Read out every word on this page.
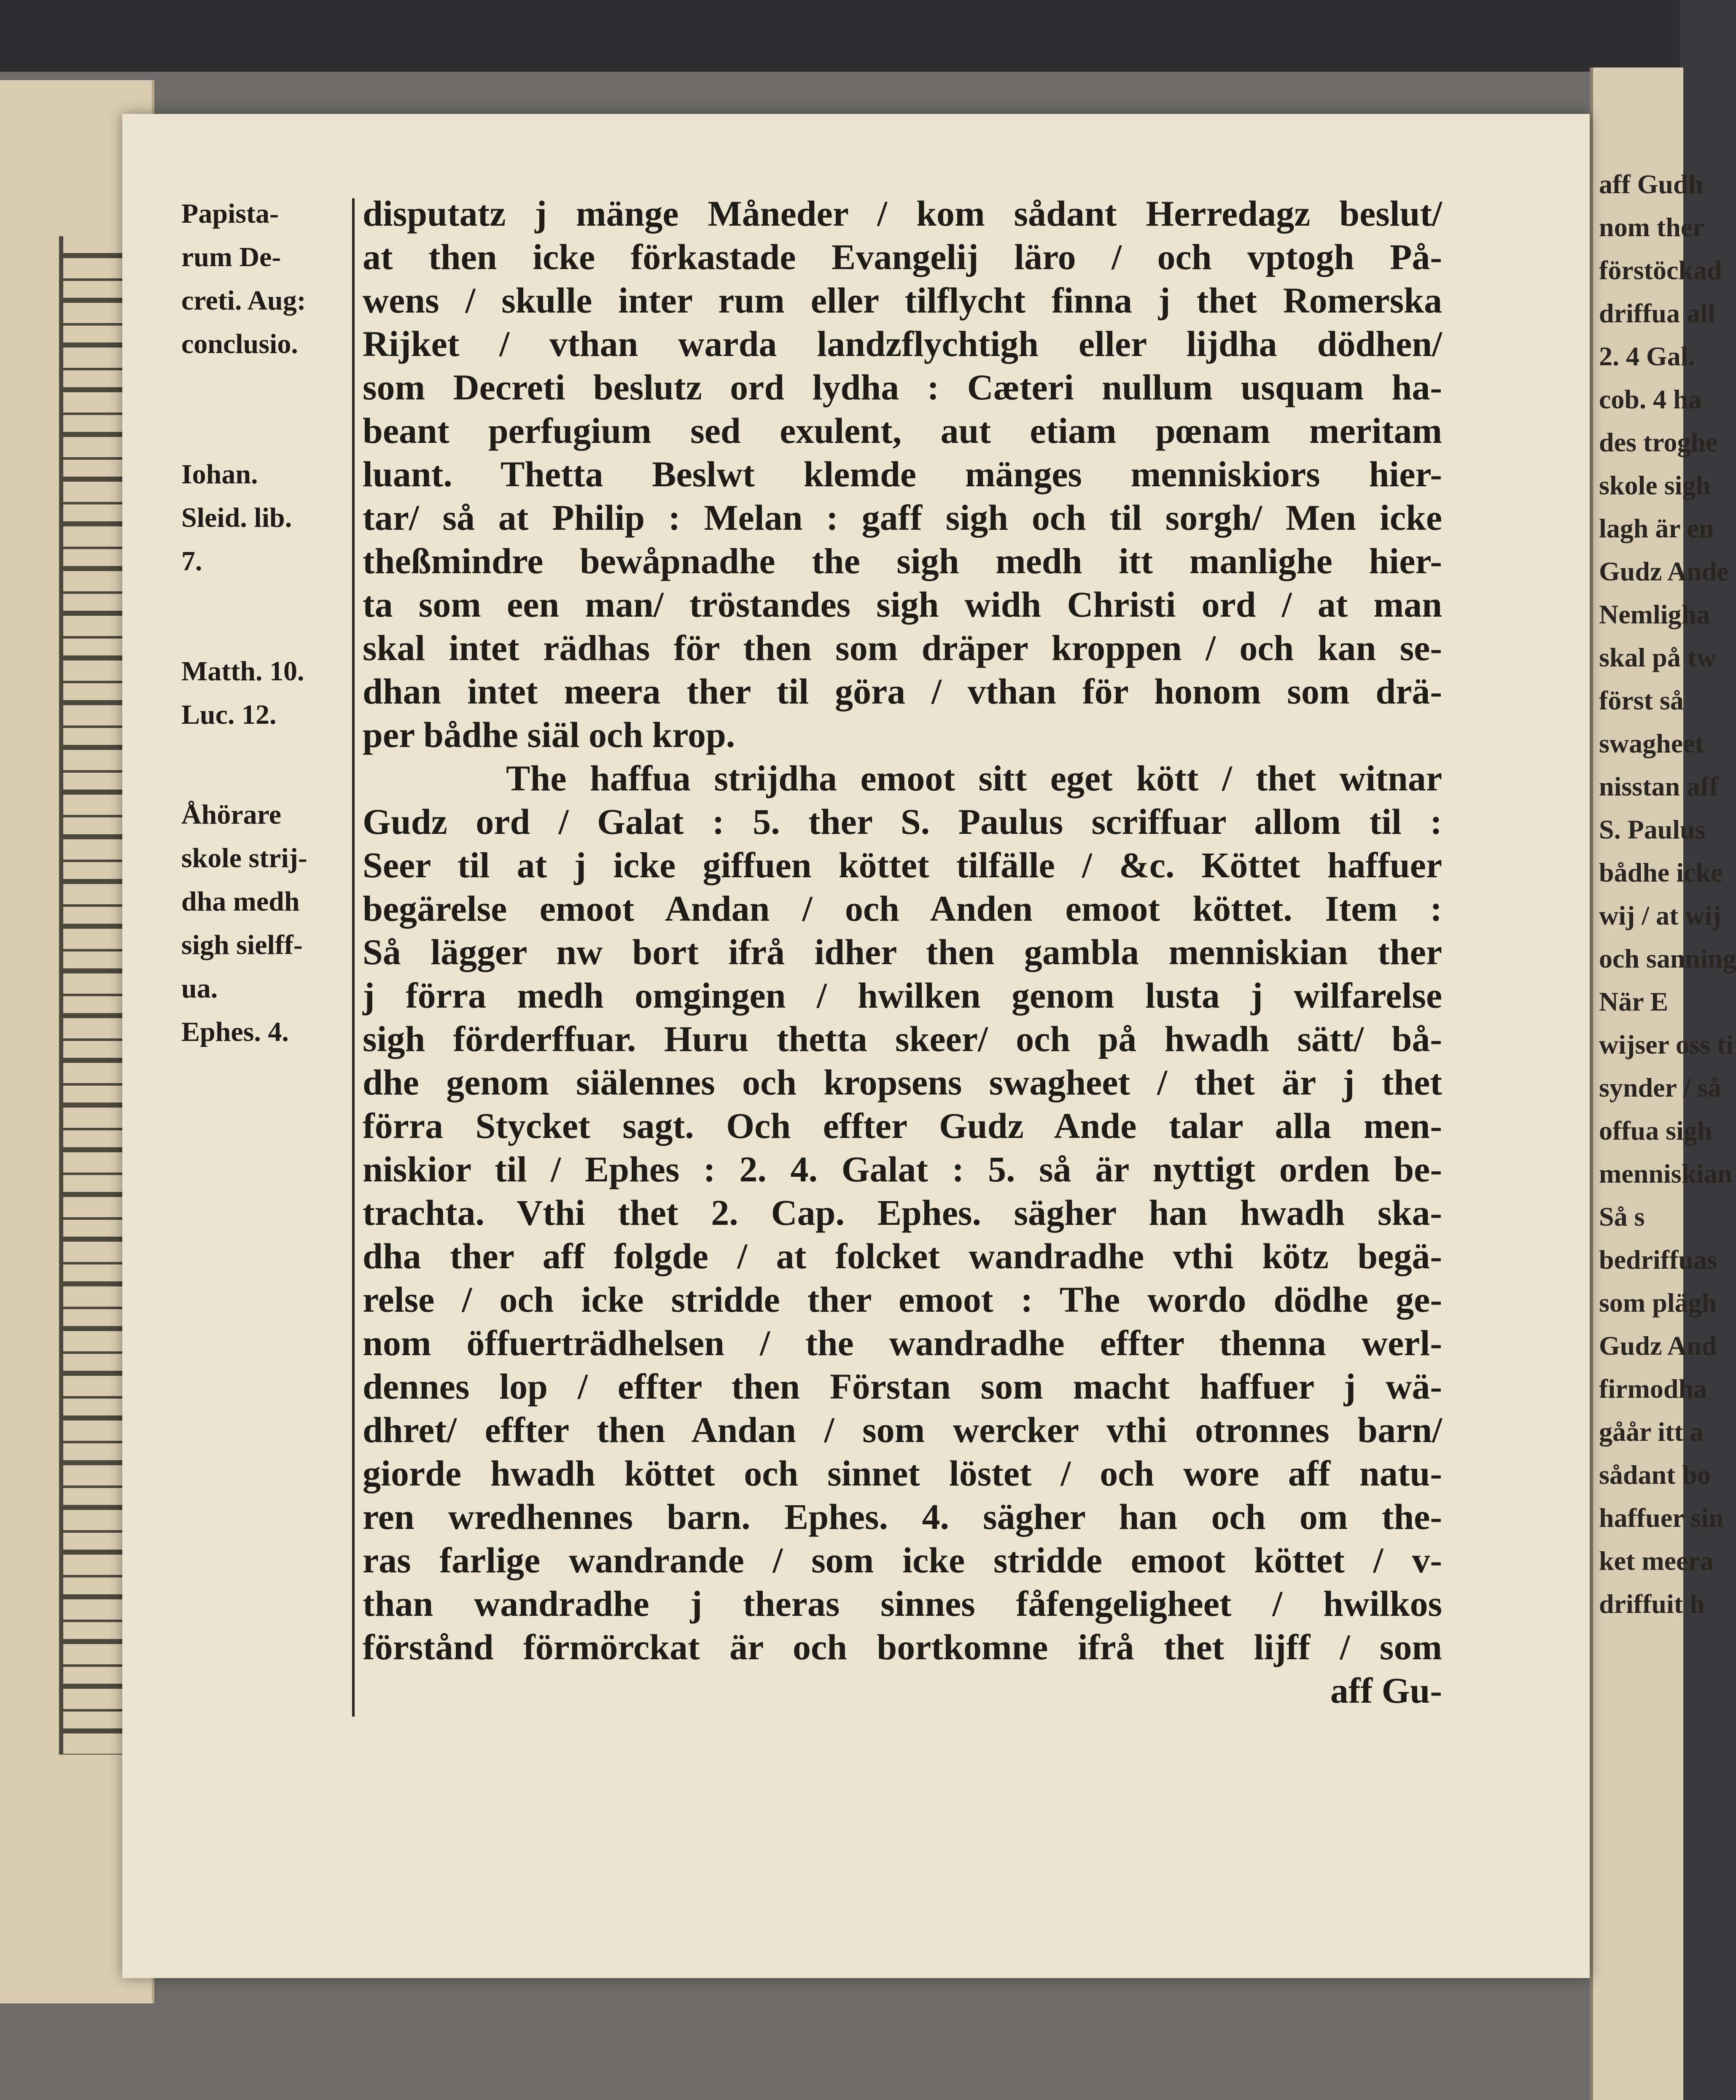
aff Gudh
nom ther
förstöckad
driffua all
2. 4 Gal.
cob. 4 ha
des troghe
skole sigh
lagh är en
Gudz Ande
Nemligha
skal på tw
först så
swagheet
nisstan aff
S. Paulus
bådhe icke
wij / at wij
och sanning
När E
wijser oss ti
synder / så
offua sigh
menniskian
Så s
bedriffuas
som plägh
Gudz And
firmodha
gåår itt a
sådant bo
haffuer sin
ket meera
driffuit h
Papista-
rum De-
creti. Aug:
conclusio.
Iohan.
Sleid. lib.
7.
Matth. 10.
Luc. 12.
Åhörare
skole strij-
dha medh
sigh sielff-
ua.
Ephes. 4.
disputatz j mänge Måneder / kom sådant Herredagz beslut/
at then icke förkastade Evangelij läro / och vptogh På-
wens / skulle inter rum eller tilflycht finna j thet Romerska
Rijket / vthan warda landzflychtigh eller lijdha dödhen/
som Decreti beslutz ord lydha : Cæteri nullum usquam ha-
beant perfugium sed exulent, aut etiam pœnam meritam
luant. Thetta Beslwt klemde mänges menniskiors hier-
tar/ så at Philip : Melan : gaff sigh och til sorgh/ Men icke
theßmindre bewåpnadhe the sigh medh itt manlighe hier-
ta som een man/ tröstandes sigh widh Christi ord / at man
skal intet rädhas för then som dräper kroppen / och kan se-
dhan intet meera ther til göra / vthan för honom som drä-
per bådhe siäl och krop.
The haffua strijdha emoot sitt eget kött / thet witnar
Gudz ord / Galat : 5. ther S. Paulus scriffuar allom til :
Seer til at j icke giffuen köttet tilfälle / &c. Köttet haffuer
begärelse emoot Andan / och Anden emoot köttet. Item :
Så lägger nw bort ifrå idher then gambla menniskian ther
j förra medh omgingen / hwilken genom lusta j wilfarelse
sigh förderffuar. Huru thetta skeer/ och på hwadh sätt/ bå-
dhe genom siälennes och kropsens swagheet / thet är j thet
förra Stycket sagt. Och effter Gudz Ande talar alla men-
niskior til / Ephes : 2. 4. Galat : 5. så är nyttigt orden be-
trachta. Vthi thet 2. Cap. Ephes. sägher han hwadh ska-
dha ther aff folgde / at folcket wandradhe vthi kötz begä-
relse / och icke stridde ther emoot : The wordo dödhe ge-
nom öffuerträdhelsen / the wandradhe effter thenna werl-
dennes lop / effter then Förstan som macht haffuer j wä-
dhret/ effter then Andan / som wercker vthi otronnes barn/
giorde hwadh köttet och sinnet löstet / och wore aff natu-
ren wredhennes barn. Ephes. 4. sägher han och om the-
ras farlige wandrande / som icke stridde emoot köttet / v-
than wandradhe j theras sinnes fåfengeligheet / hwilkos
förstånd förmörckat är och bortkomne ifrå thet lijff / som
aff Gu-
